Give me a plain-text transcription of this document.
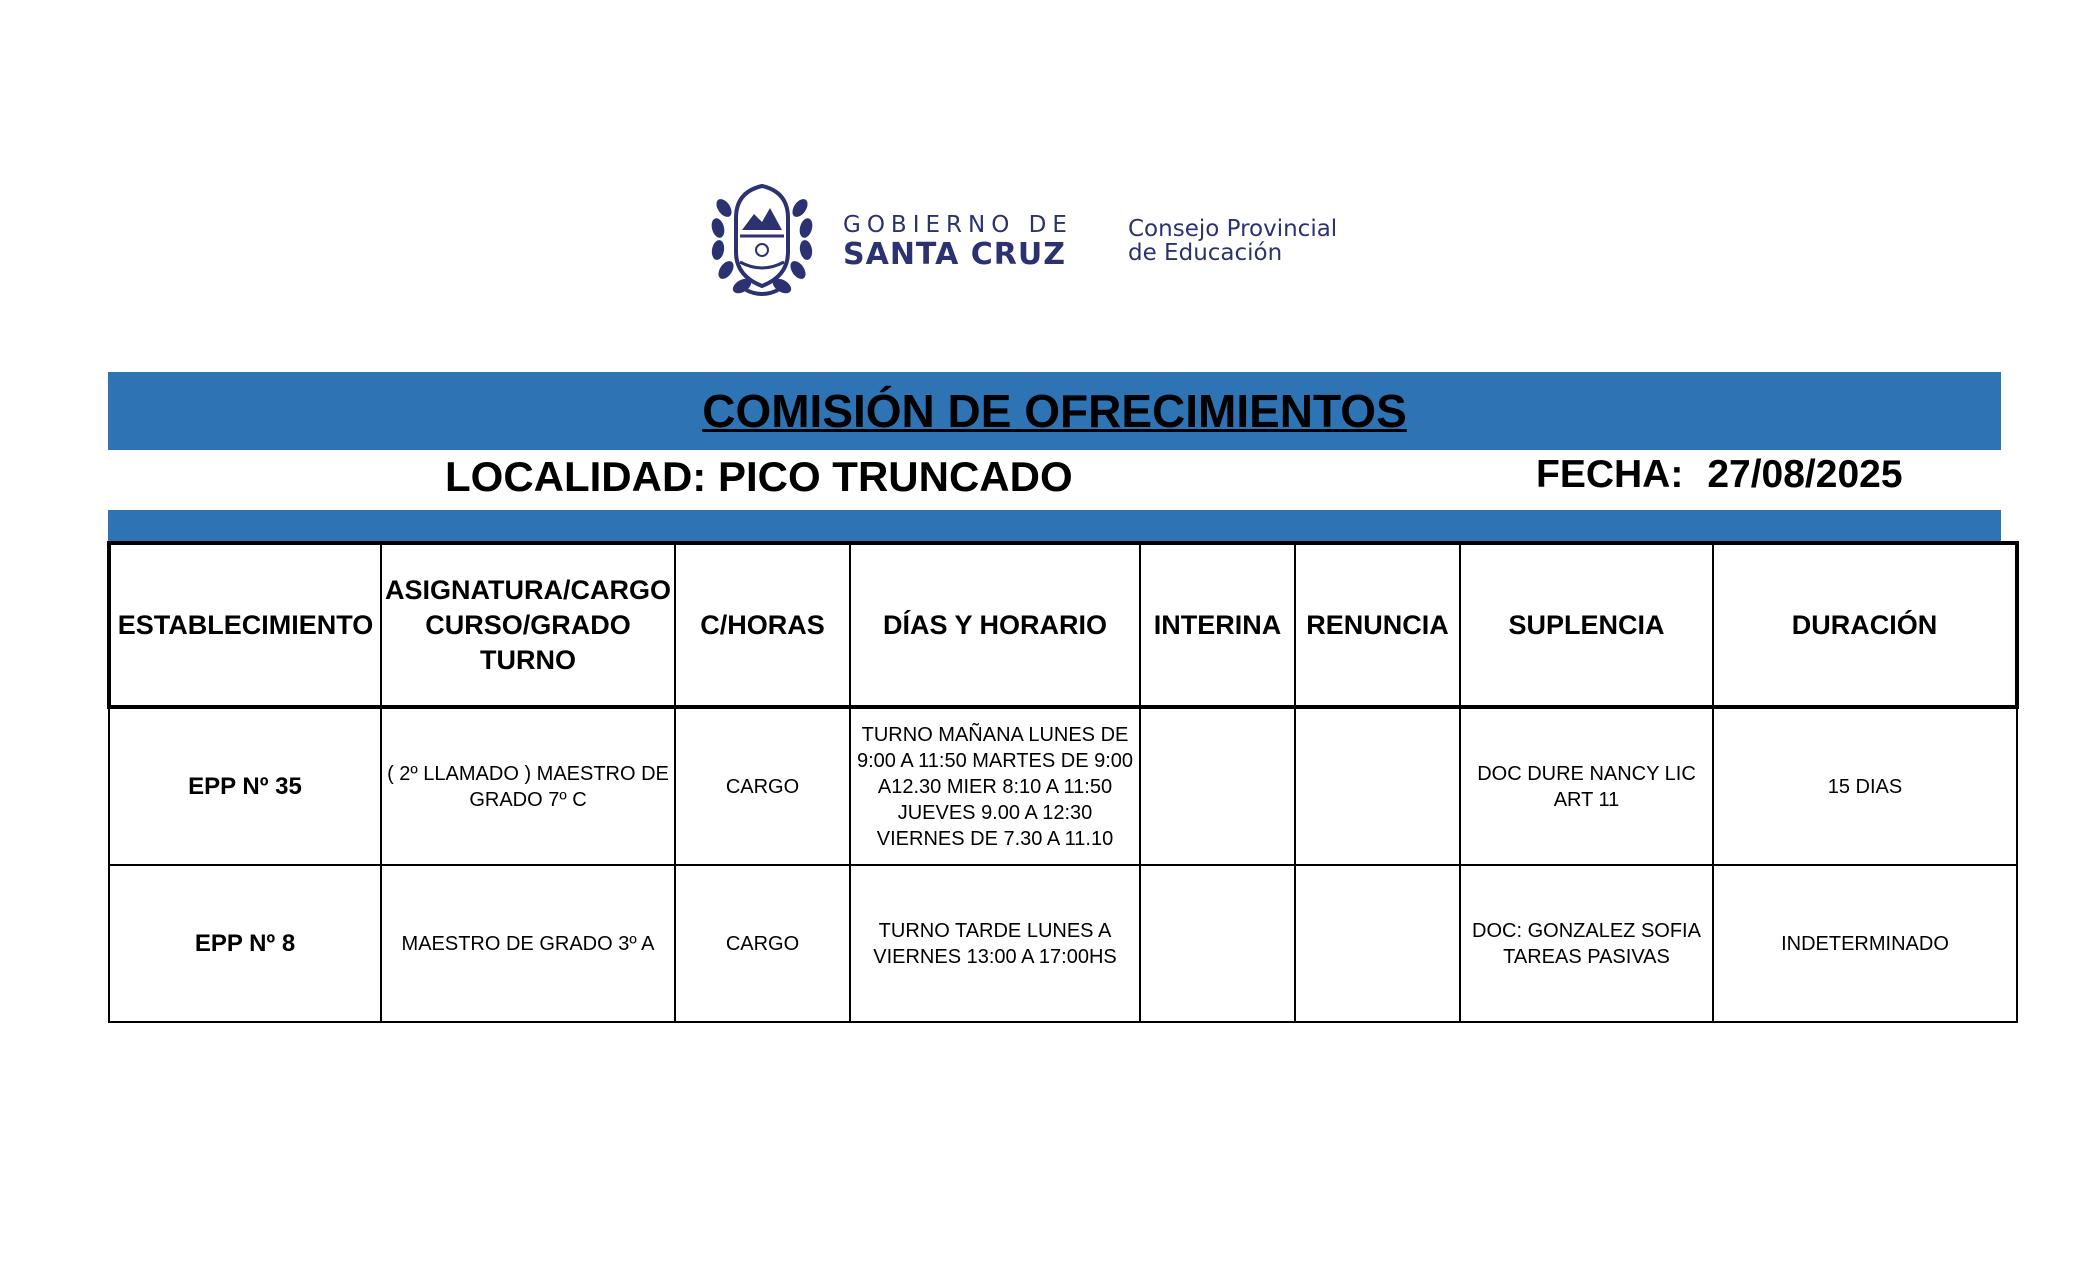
GOBIERNO DE
SANTA CRUZ
Consejo Provincial
de Educación
COMISIÓN DE OFRECIMIENTOS
LOCALIDAD: PICO TRUNCADO	FECHA: 27/08/2025
ESTABLECIMIENTO	ASIGNATURA/CARGO CURSO/GRADO TURNO	C/HORAS	DÍAS Y HORARIO	INTERINA	RENUNCIA	SUPLENCIA	DURACIÓN
EPP Nº 35	( 2º LLAMADO ) MAESTRO DE GRADO 7º C	CARGO	TURNO MAÑANA LUNES DE 9:00 A 11:50 MARTES DE 9:00 A12.30 MIER 8:10 A 11:50 JUEVES 9.00 A 12:30 VIERNES DE 7.30 A 11.10			DOC DURE NANCY LIC ART 11	15 DIAS
EPP Nº 8	MAESTRO DE GRADO 3º A	CARGO	TURNO TARDE LUNES A VIERNES 13:00 A 17:00HS			DOC: GONZALEZ SOFIA TAREAS PASIVAS	INDETERMINADO
